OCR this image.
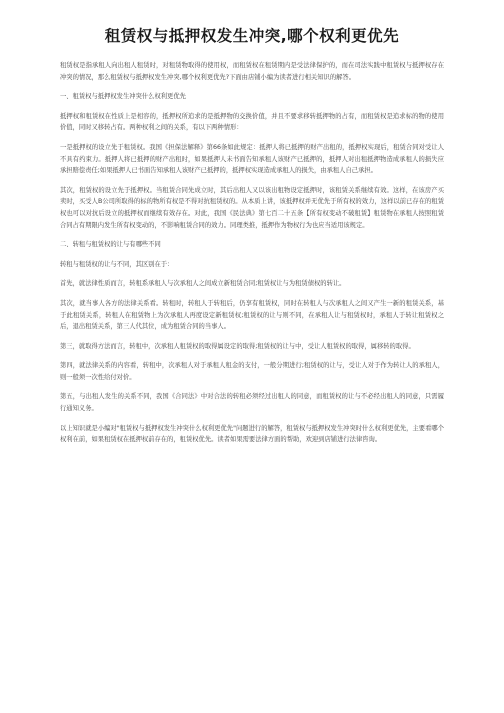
租赁权与抵押权发生冲突,哪个权利更优先

租赁权是指承租人向出租人租赁时，对租赁物取得的使用权，而租赁权在租赁期内是受法律保护的，而在司法实践中租赁权与抵押权存在冲突的情况，那么租赁权与抵押权发生冲突,哪个权利更优先?下面由店铺小编为读者进行相关知识的解答。

一、租赁权与抵押权发生冲突什么权利更优先

抵押权和租赁权在性质上是相容的，抵押权所追求的是抵押物的交换价值，并且不要求移转抵押物的占有，而租赁权是追求标的物的使用价值，同时又移转占有。两种权利之间的关系，有以下两种情形：

一是抵押权的设立先于租赁权。我国《担保法解释》第66条如此规定：抵押人将已抵押的财产出租的，抵押权实现后，租赁合同对受让人不具有约束力。抵押人将已抵押的财产出租时，如果抵押人未书面告知承租人该财产已抵押的，抵押人对出租抵押物造成承租人的损失应承担赔偿责任;如果抵押人已书面告知承租人该财产已抵押的，抵押权实现造成承租人的损失，由承租人自己承担。

其次，租赁权的设立先于抵押权。当租赁合同先成立时，其后出租人又以该出租物设定抵押时，该租赁关系继续有效。这样，在该房产买卖时，买受人B公司所取得的标的物所有权是不得对抗租赁权的。从本质上讲，该抵押权并无优先于所有权的效力，这样以前已存在的租赁权也可以对抗后设立的抵押权而继续有效存在。对此，我国《民法典》第七百二十五条【所有权变动不破租赁】租赁物在承租人按照租赁合同占有期限内发生所有权变动的，不影响租赁合同的效力。同理类推，抵押作为物权行为也应当适用该规定。

二、转租与租赁权的让与有哪些不同

转租与租赁权的让与不同，其区别在于：

首先，就法律性质而言，转租系承租人与次承租人之间成立新租赁合同;租赁权让与为租赁债权的转让。

其次，就当事人各方的法律关系看。转租时，转租人于转租后，仍享有租赁权，同时在转租人与次承租人之间又产生一新的租赁关系，基于此租赁关系，转租人在租赁物上为次承租人再度设定新租赁权;租赁权的让与则不同，在承租人让与租赁权时，承租人于转让租赁权之后，退出租赁关系，第三人代其位，成为租赁合同的当事人。

第三，就取得方法而言，转租中，次承租人租赁权的取得属设定的取得;租赁权的让与中，受让人租赁权的取得，属移转的取得。

第四，就法律关系的内容看，转租中，次承租人对于承租人租金的支付，一般分期进行;租赁权的让与，受让人对于作为转让人的承租人，则一般须一次性给付对价。

第五，与出租人发生的关系不同，我国《合同法》中对合法的转租必须经过出租人的同意，而租赁权的让与不必经出租人的同意，只需履行通知义务。

以上知识就是小编对"租赁权与抵押权发生冲突什么权利更优先"问题进行的解答，租赁权与抵押权发生冲突时什么权利更优先，主要看哪个权利在前，如果租赁权在抵押权前存在的，租赁权优先。读者如果需要法律方面的帮助，欢迎到店铺进行法律咨询。
